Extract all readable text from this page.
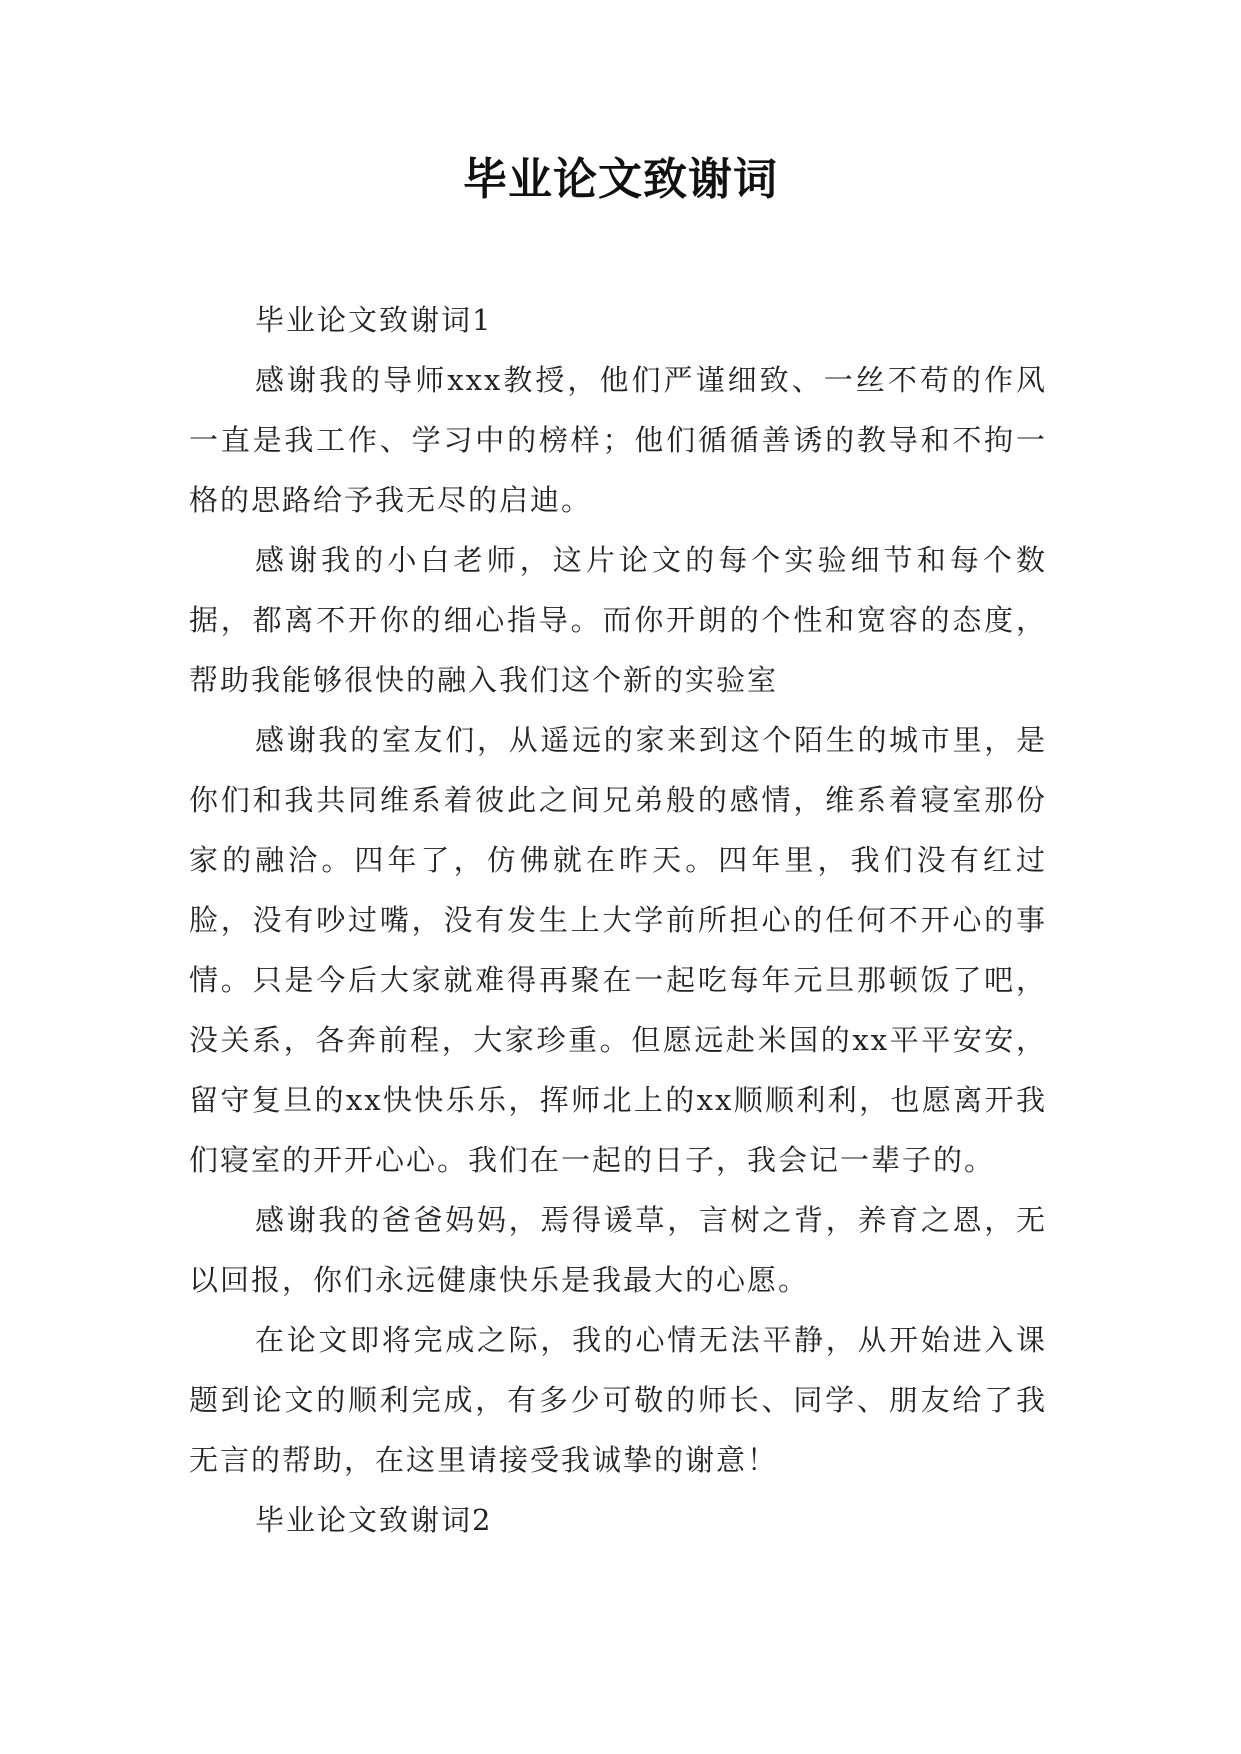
毕业论文致谢词

毕业论文致谢词1

感谢我的导师xxx教授，他们严谨细致、一丝不苟的作风一直是我工作、学习中的榜样；他们循循善诱的教导和不拘一格的思路给予我无尽的启迪。

感谢我的小白老师，这片论文的每个实验细节和每个数据，都离不开你的细心指导。而你开朗的个性和宽容的态度，帮助我能够很快的融入我们这个新的实验室

感谢我的室友们，从遥远的家来到这个陌生的城市里，是你们和我共同维系着彼此之间兄弟般的感情，维系着寝室那份家的融洽。四年了，仿佛就在昨天。四年里，我们没有红过脸，没有吵过嘴，没有发生上大学前所担心的任何不开心的事情。只是今后大家就难得再聚在一起吃每年元旦那顿饭了吧，没关系，各奔前程，大家珍重。但愿远赴米国的xx平平安安，留守复旦的xx快快乐乐，挥师北上的xx顺顺利利，也愿离开我们寝室的开开心心。我们在一起的日子，我会记一辈子的。

感谢我的爸爸妈妈，焉得谖草，言树之背，养育之恩，无以回报，你们永远健康快乐是我最大的心愿。

在论文即将完成之际，我的心情无法平静，从开始进入课题到论文的顺利完成，有多少可敬的师长、同学、朋友给了我无言的帮助，在这里请接受我诚挚的谢意！

毕业论文致谢词2
